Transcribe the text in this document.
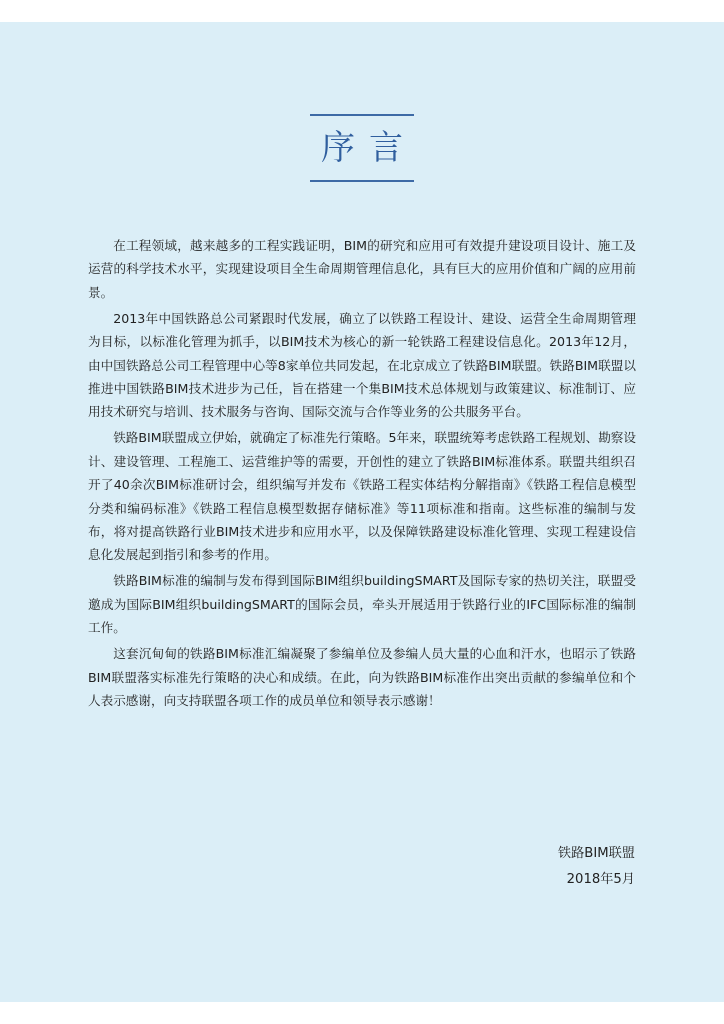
序言

在工程领域，越来越多的工程实践证明，BIM的研究和应用可有效提升建设项目设计、施工及运营的科学技术水平，实现建设项目全生命周期管理信息化，具有巨大的应用价值和广阔的应用前景。

2013年中国铁路总公司紧跟时代发展，确立了以铁路工程设计、建设、运营全生命周期管理为目标，以标准化管理为抓手，以BIM技术为核心的新一轮铁路工程建设信息化。2013年12月，由中国铁路总公司工程管理中心等8家单位共同发起，在北京成立了铁路BIM联盟。铁路BIM联盟以推进中国铁路BIM技术进步为己任，旨在搭建一个集BIM技术总体规划与政策建议、标准制订、应用技术研究与培训、技术服务与咨询、国际交流与合作等业务的公共服务平台。

铁路BIM联盟成立伊始，就确定了标准先行策略。5年来，联盟统筹考虑铁路工程规划、勘察设计、建设管理、工程施工、运营维护等的需要，开创性的建立了铁路BIM标准体系。联盟共组织召开了40余次BIM标准研讨会，组织编写并发布《铁路工程实体结构分解指南》《铁路工程信息模型分类和编码标准》《铁路工程信息模型数据存储标准》等11项标准和指南。这些标准的编制与发布，将对提高铁路行业BIM技术进步和应用水平，以及保障铁路建设标准化管理、实现工程建设信息化发展起到指引和参考的作用。

铁路BIM标准的编制与发布得到国际BIM组织buildingSMART及国际专家的热切关注，联盟受邀成为国际BIM组织buildingSMART的国际会员，牵头开展适用于铁路行业的IFC国际标准的编制工作。

这套沉甸甸的铁路BIM标准汇编凝聚了参编单位及参编人员大量的心血和汗水，也昭示了铁路BIM联盟落实标准先行策略的决心和成绩。在此，向为铁路BIM标准作出突出贡献的参编单位和个人表示感谢，向支持联盟各项工作的成员单位和领导表示感谢！

铁路BIM联盟
2018年5月
